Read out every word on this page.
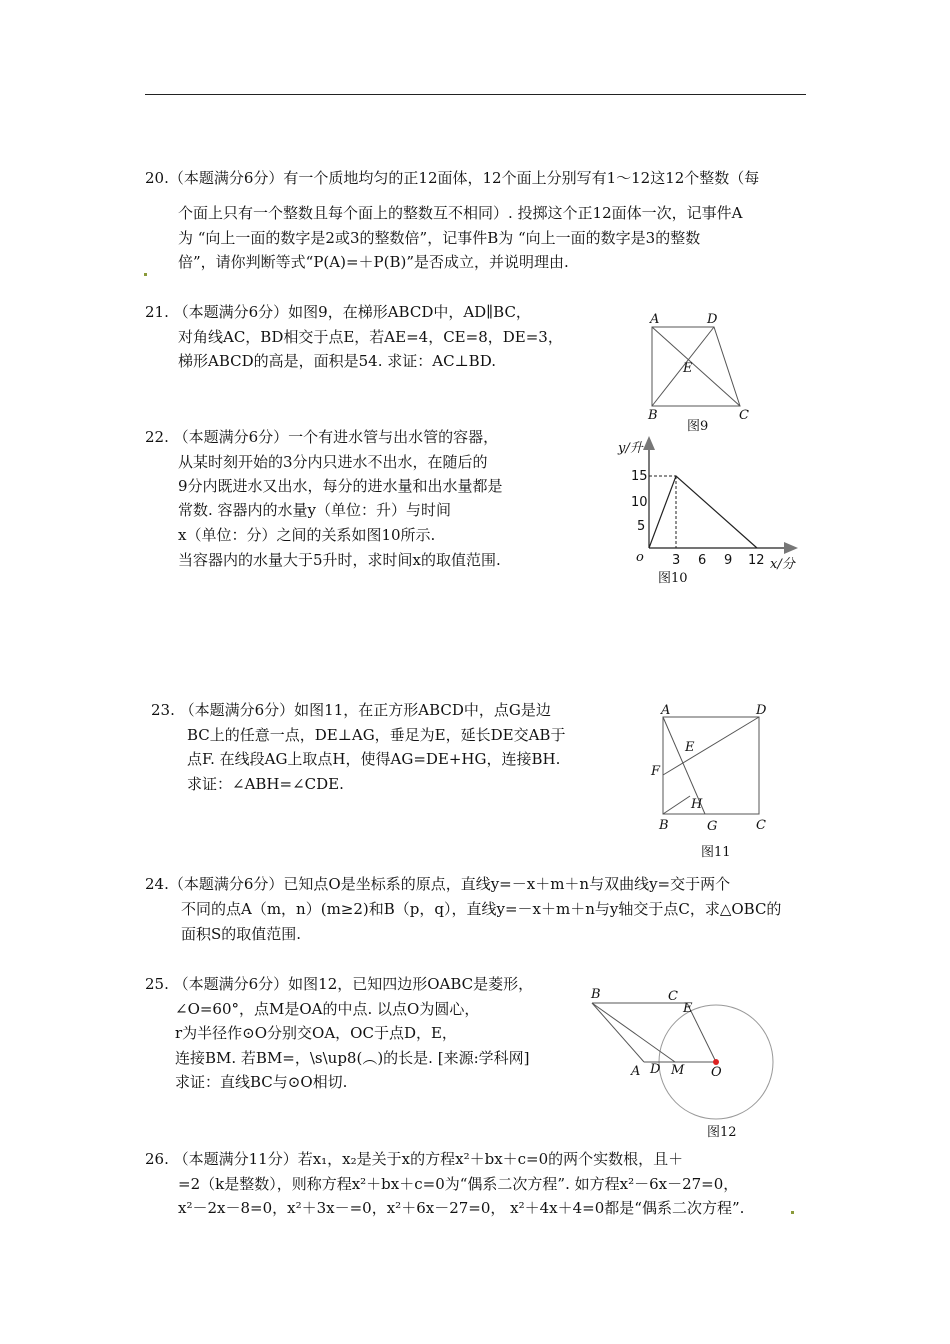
20.（本题满分6分）有一个质地均匀的正12面体，12个面上分别写有1〜12这12个整数（每
个面上只有一个整数且每个面上的整数互不相同）. 投掷这个正12面体一次，记事件A
为 “向上一面的数字是2或3的整数倍”，记事件B为 “向上一面的数字是3的整数
倍”，请你判断等式“P(A)=＋P(B)”是否成立，并说明理由.
21. （本题满分6分）如图9，在梯形ABCD中，AD∥BC，
对角线AC，BD相交于点E，若AE=4，CE=8，DE=3，
梯形ABCD的高是，面积是54. 求证：AC⊥BD.
A	D
E
B	C
图9
22. （本题满分6分）一个有进水管与出水管的容器，
从某时刻开始的3分内只进水不出水，在随后的
9分内既进水又出水，每分的进水量和出水量都是
常数. 容器内的水量y（单位：升）与时间
x（单位：分）之间的关系如图10所示.
当容器内的水量大于5升时，求时间x的取值范围.
y/升
x/分
o
15
10
5
3 6 9 12
图10
23. （本题满分6分）如图11，在正方形ABCD中，点G是边
BC上的任意一点，DE⊥AG，垂足为E，延长DE交AB于
点F. 在线段AG上取点H，使得AG=DE+HG，连接BH.
求证：∠ABH=∠CDE.
A	D
E
F
H
B	G	C
图11
24.（本题满分6分）已知点O是坐标系的原点，直线y=－x＋m＋n与双曲线y=交于两个
不同的点A（m，n）(m≥2)和B（p，q），直线y=－x＋m＋n与y轴交于点C，求△OBC的
面积S的取值范围.
25. （本题满分6分）如图12，已知四边形OABC是菱形，
∠O=60°，点M是OA的中点. 以点O为圆心，
r为半径作⊙O分别交OA，OC于点D，E，
连接BM. 若BM=，\s\up8(︵)的长是. [来源:学科网]
求证：直线BC与⊙O相切.
B	C
E
A D M O
图12
26. （本题满分11分）若x₁，x₂是关于x的方程x²＋bx＋c=0的两个实数根，且＋
=2（k是整数），则称方程x²＋bx＋c=0为“偶系二次方程”. 如方程x²－6x－27=0，
x²－2x－8=0，x²＋3x－=0，x²＋6x－27=0， x²＋4x＋4=0都是“偶系二次方程”.
